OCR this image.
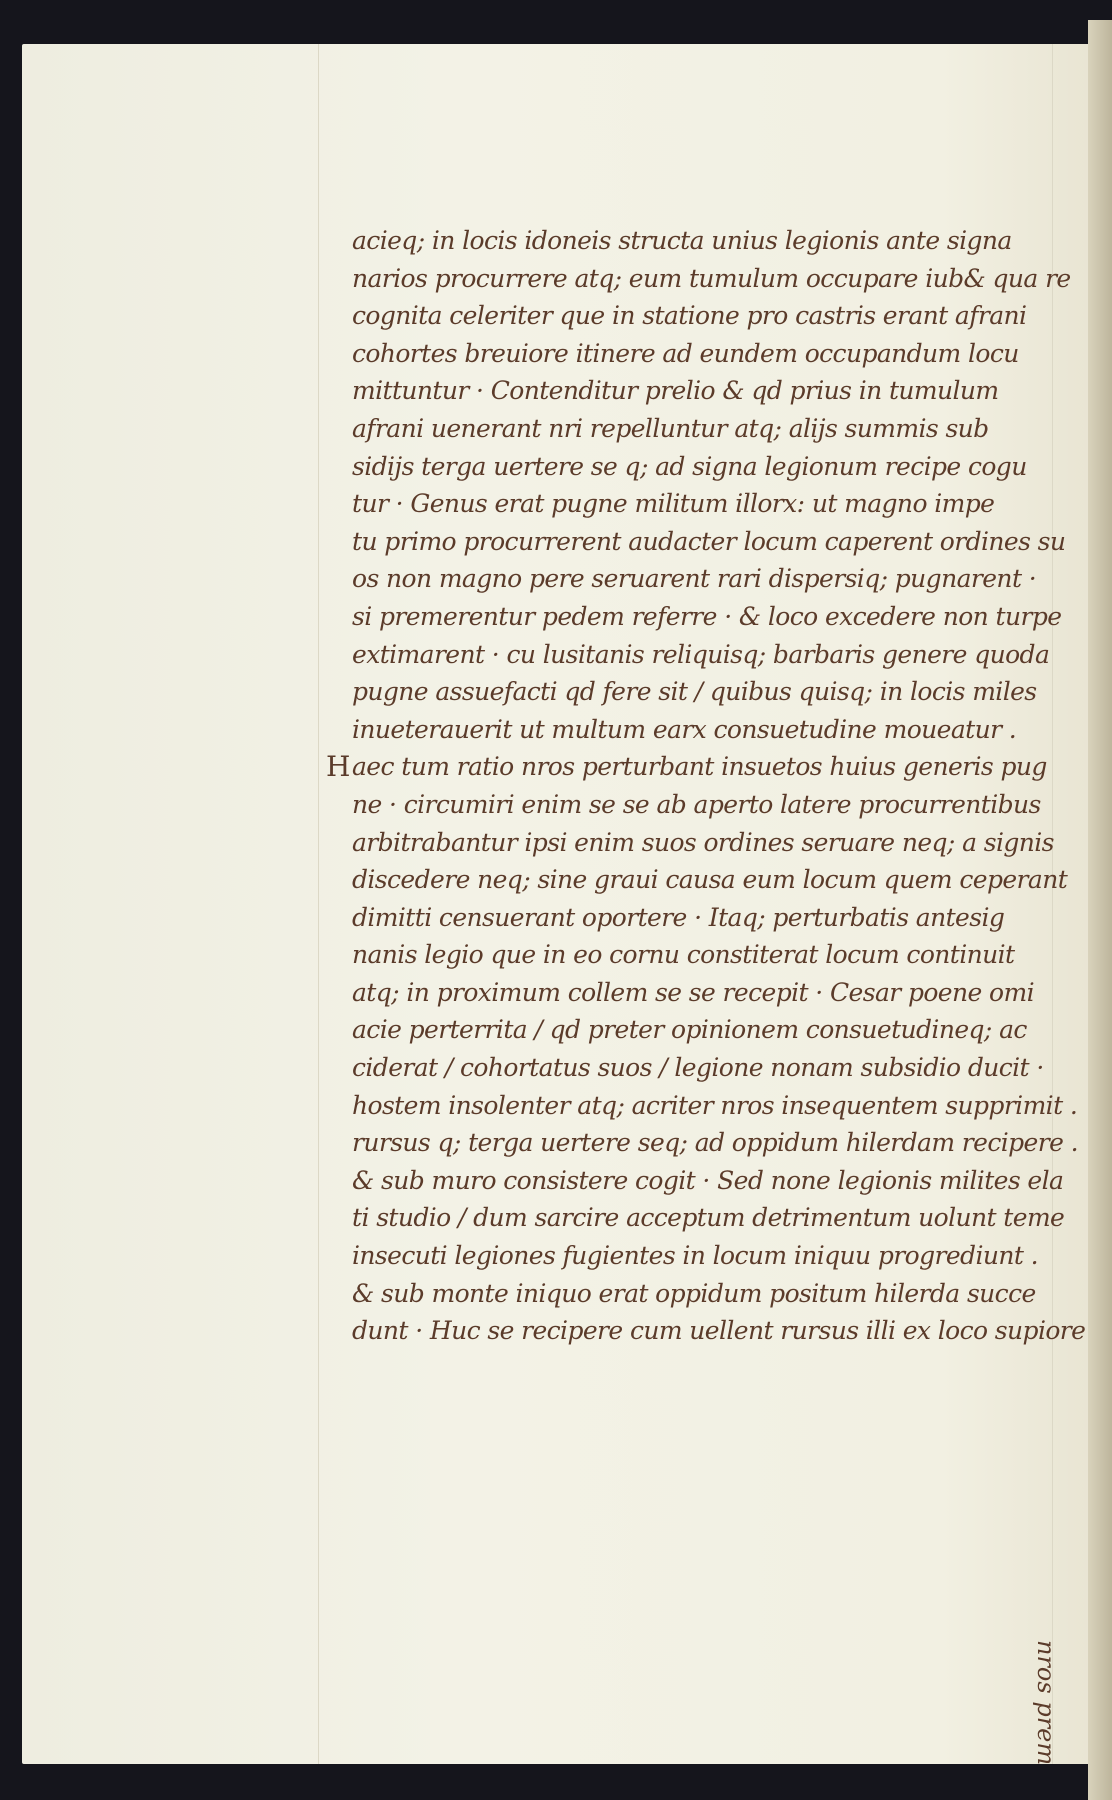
H
acieq; in locis idoneis structa unius legionis ante signa
narios procurrere atq; eum tumulum occupare iub& qua re
cognita celeriter que in statione pro castris erant afrani
cohortes breuiore itinere ad eundem occupandum locu
mittuntur · Contenditur prelio & qd prius in tumulum
afrani uenerant nri repelluntur atq; alijs summis sub
sidijs terga uertere se q; ad signa legionum recipe cogu
tur · Genus erat pugne militum illorx: ut magno impe
tu primo procurrerent audacter locum caperent ordines su
os non magno pere seruarent rari dispersiq; pugnarent ·
si premerentur pedem referre · & loco excedere non turpe
extimarent · cu lusitanis reliquisq; barbaris genere quoda
pugne assuefacti qd fere sit / quibus quisq; in locis miles
inueterauerit ut multum earx consuetudine moueatur .
aec tum ratio nros perturbant insuetos huius generis pug
ne · circumiri enim se se ab aperto latere procurrentibus
arbitrabantur ipsi enim suos ordines seruare neq; a signis
discedere neq; sine graui causa eum locum quem ceperant
dimitti censuerant oportere · Itaq; perturbatis antesig
nanis legio que in eo cornu constiterat locum continuit
atq; in proximum collem se se recepit · Cesar poene omi
acie perterrita / qd preter opinionem consuetudineq; ac
ciderat / cohortatus suos / legione nonam subsidio ducit ·
hostem insolenter atq; acriter nros insequentem supprimit .
rursus q; terga uertere seq; ad oppidum hilerdam recipere .
& sub muro consistere cogit · Sed none legionis milites ela
ti studio / dum sarcire acceptum detrimentum uolunt teme
insecuti legiones fugientes in locum iniquu progrediunt .
& sub monte iniquo erat oppidum positum hilerda succe
dunt · Huc se recipere cum uellent rursus illi ex loco supiore
nros prem
